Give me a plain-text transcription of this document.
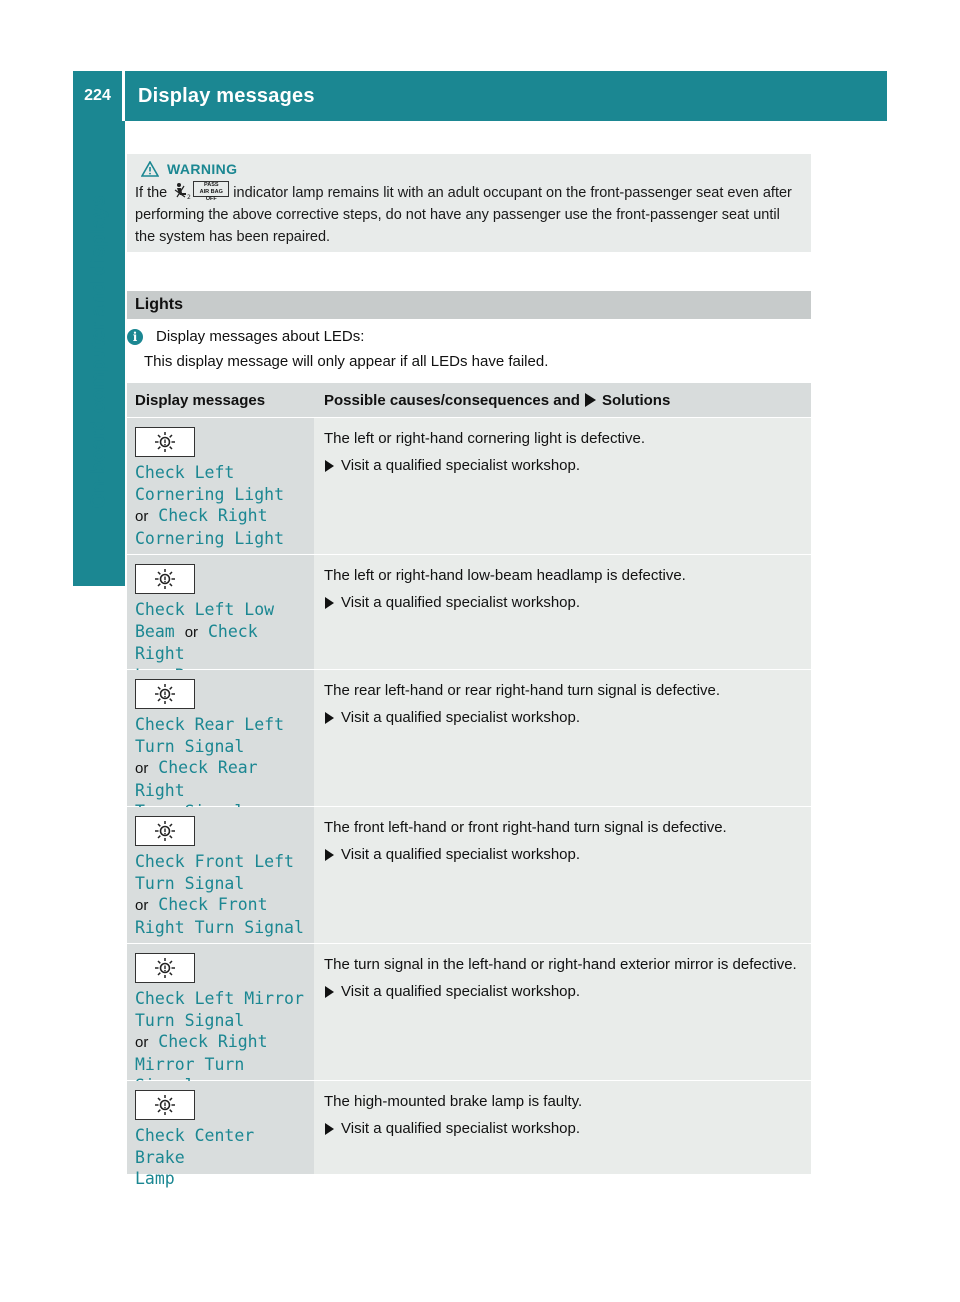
224	Display messages
On-board computer and displays
WARNING
If the	2
PASS
AIR BAG OFF indicator lamp remains lit with an adult occupant on the front-passenger seat even after performing the above corrective steps, do not have any passenger use the front-passenger seat until the system has been repaired.
Lights
i	Display messages about LEDs:
This display message will only appear if all LEDs have failed.
Display messages	Possible causes/consequences and Solutions
Check Left
Cornering Light
or Check Right
Cornering Light
The left or right-hand cornering light is defective.
Visit a qualified specialist workshop.
Check Left Low
Beam or Check Right

The left or right-hand low-beam headlamp is defective.
Visit a qualified specialist workshop.
Check Rear Left
Turn Signal
or Check Rear Right

The rear left-hand or rear right-hand turn signal is defective.
Visit a qualified specialist workshop.
Check Front Left
Turn Signal
or Check Front
Right Turn Signal
The front left-hand or front right-hand turn signal is defective.
Visit a qualified specialist workshop.
Check Left Mirror
Turn Signal
or Check Right
Mirror Turn
The turn signal in the left-hand or right-hand exterior mirror is defective.
Visit a qualified specialist workshop.
Check Center Brake
Lamp
The high-mounted brake lamp is faulty.
Visit a qualified specialist workshop.
